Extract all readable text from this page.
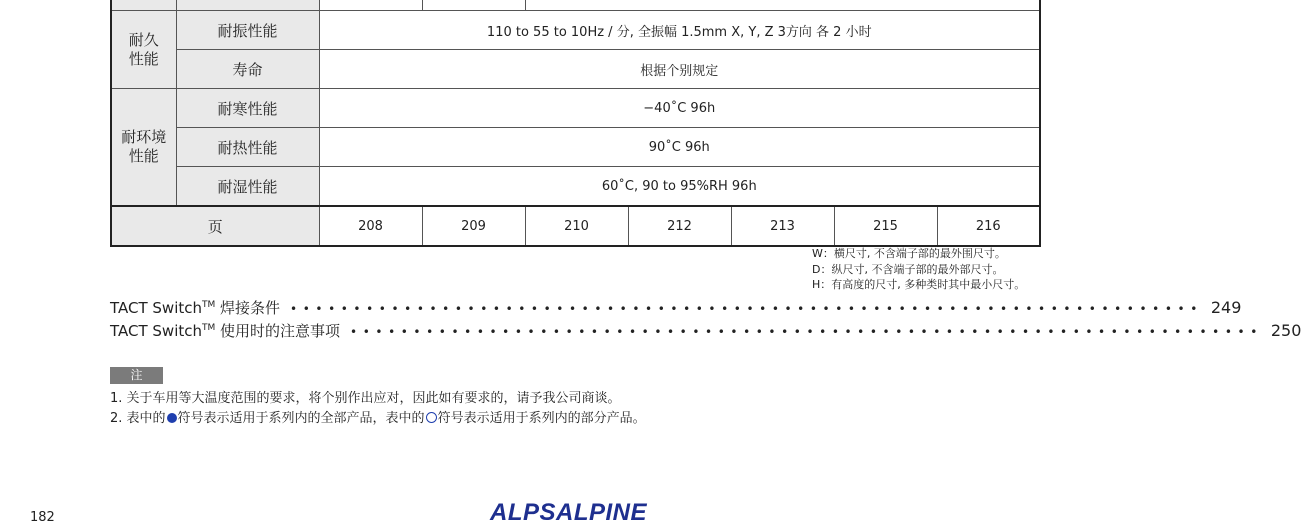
耐久
性能	耐振性能	110 to 55 to 10Hz / 分, 全振幅 1.5mm X, Y, Z 3方向 各 2 小时						
	寿命	根据个别规定						
耐环境
性能	耐寒性能	−40˚C 96h						
	耐热性能	90˚C 96h						
	耐湿性能	60˚C, 90 to 95%RH 96h						
页		208	209	210	212	213	215	216
W：横尺寸, 不含端子部的最外围尺寸。
D：纵尺寸, 不含端子部的最外部尺寸。
H：有高度的尺寸, 多种类时其中最小尺寸。
TACT Switch™ 焊接条件 •••••••••••••••••••••••••••••••••••••••••••••••••••••••••••••••••••••••• 249
TACT Switch™ 使用时的注意事项 •••••••••••••••••••••••••••••••••••••••••••••••••••••••••••••••••••••••• 250
注
1. 关于车用等大温度范围的要求，将个别作出应对，因此如有要求的，请予我公司商谈。
2. 表中的 符号表示适用于系列内的全部产品，表中的 符号表示适用于系列内的部分产品。
182	ALPSALPINE
